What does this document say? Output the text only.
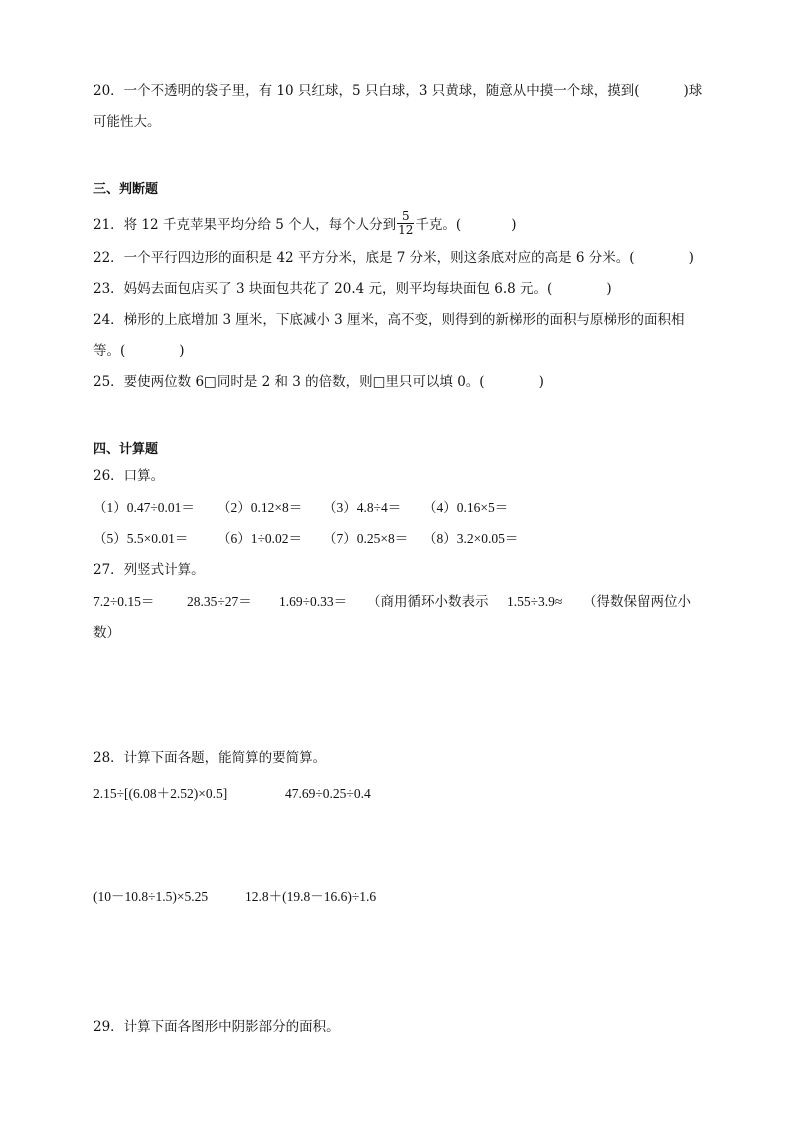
20．一个不透明的袋子里，有 10 只红球，5 只白球，3 只黄球，随意从中摸一个球，摸到(	)球
可能性大。
三、判断题
21．将 12 千克苹果平均分给 5 个人，每个人分到 $\frac{5}{12}$ 千克。(	)
22．一个平行四边形的面积是 42 平方分米，底是 7 分米，则这条底对应的高是 6 分米。(	)
23．妈妈去面包店买了 3 块面包共花了 20.4 元，则平均每块面包 6.8 元。(	)
24．梯形的上底增加 3 厘米，下底减小 3 厘米，高不变，则得到的新梯形的面积与原梯形的面积相
等。(	)
25．要使两位数 6□同时是 2 和 3 的倍数，则□里只可以填 0。(	)
四、计算题
26．口算。
（1）0.47÷0.01＝ （2）0.12×8＝ （3）4.8÷4＝ （4）0.16×5＝
（5）5.5×0.01＝ （6）1÷0.02＝ （7）0.25×8＝ （8）3.2×0.05＝
27．列竖式计算。
7.2÷0.15＝ 28.35÷27＝ 1.69÷0.33＝ （商用循环小数表示 1.55÷3.9≈ （得数保留两位小
数）
28．计算下面各题，能简算的要简算。
2.15÷[(6.08＋2.52)×0.5]	47.69÷0.25÷0.4
(10－10.8÷1.5)×5.25	12.8＋(19.8－16.6)÷1.6
29．计算下面各图形中阴影部分的面积。
